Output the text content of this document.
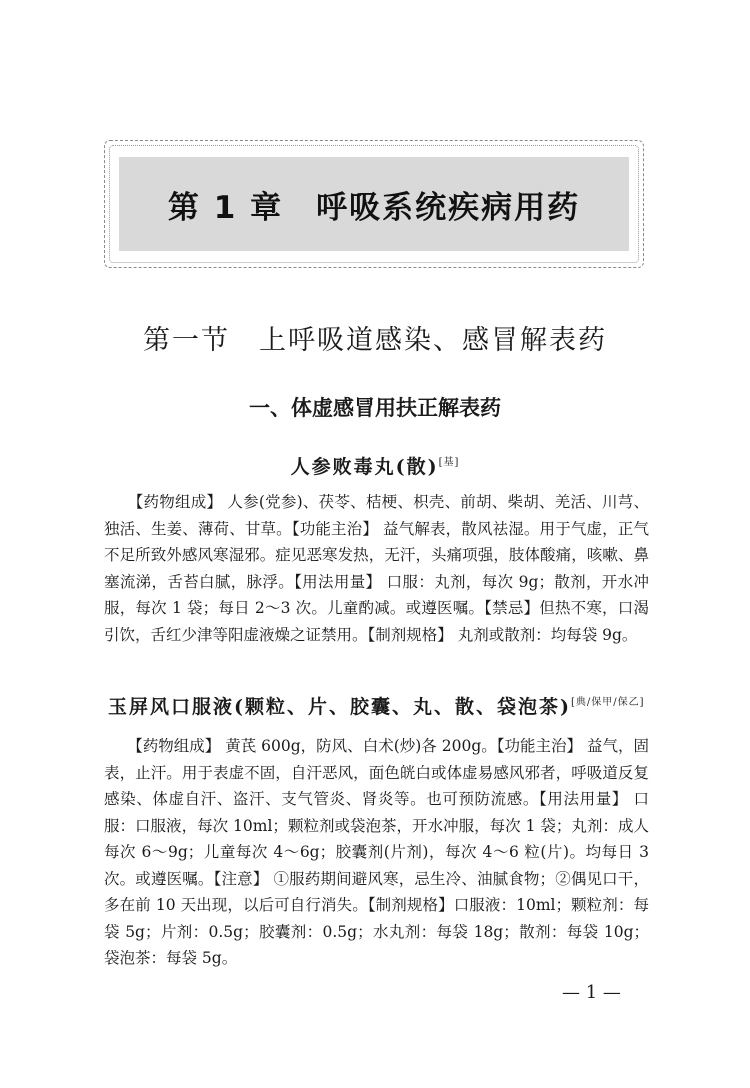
第 1 章　呼吸系统疾病用药
第一节　上呼吸道感染、感冒解表药
一、体虚感冒用扶正解表药
人参败毒丸(散)[基]

　　【药物组成】 人参(党参)、茯苓、桔梗、枳壳、前胡、柴胡、羌活、川芎、独活、生姜、薄荷、甘草。【功能主治】 益气解表，散风祛湿。用于气虚，正气不足所致外感风寒湿邪。症见恶寒发热，无汗，头痛项强，肢体酸痛，咳嗽、鼻塞流涕，舌苔白腻，脉浮。【用法用量】 口服：丸剂，每次 9g；散剂，开水冲服，每次 1 袋；每日 2～3 次。儿童酌减。或遵医嘱。【禁忌】但热不寒，口渴引饮，舌红少津等阳虚液燥之证禁用。【制剂规格】 丸剂或散剂：均每袋 9g。

玉屏风口服液(颗粒、片、胶囊、丸、散、袋泡茶)[典/保甲/保乙]

　　【药物组成】 黄芪 600g，防风、白术(炒)各 200g。【功能主治】 益气，固表，止汗。用于表虚不固，自汗恶风，面色㿠白或体虚易感风邪者，呼吸道反复感染、体虚自汗、盗汗、支气管炎、肾炎等。也可预防流感。【用法用量】 口服：口服液，每次 10ml；颗粒剂或袋泡茶，开水冲服，每次 1 袋；丸剂：成人每次 6～9g；儿童每次 4～6g；胶囊剂(片剂)，每次 4～6 粒(片)。均每日 3 次。或遵医嘱。【注意】 ①服药期间避风寒，忌生冷、油腻食物；②偶见口干，多在前 10 天出现，以后可自行消失。【制剂规格】口服液：10ml；颗粒剂：每袋 5g；片剂：0.5g；胶囊剂：0.5g；水丸剂：每袋 18g；散剂：每袋 10g；袋泡茶：每袋 5g。

— 1 —
